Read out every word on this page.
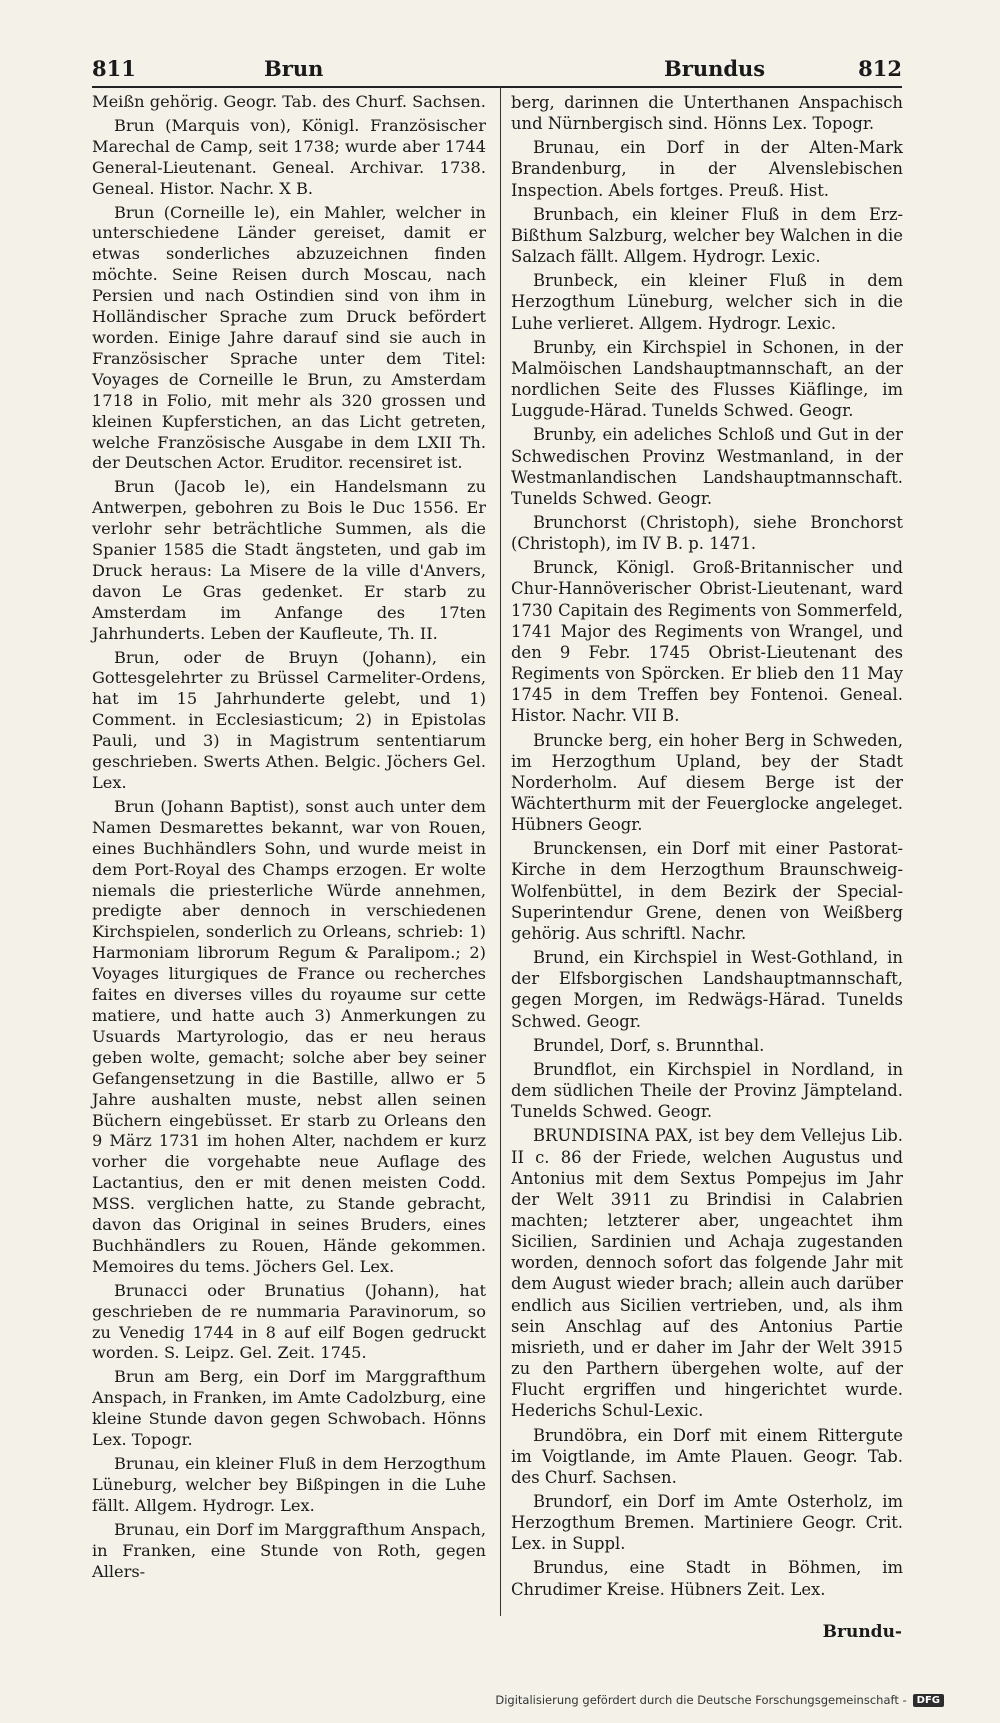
811	Brun	Brundus	812

Meißn gehörig. Geogr. Tab. des Churf. Sachsen.

Brun (Marquis von), Königl. Französischer Marechal de Camp, seit 1738; wurde aber 1744 General-Lieutenant. Geneal. Archivar. 1738. Geneal. Histor. Nachr. X B.

Brun (Corneille le), ein Mahler, welcher in unterschiedene Länder gereiset, damit er etwas sonderliches abzuzeichnen finden möchte. Seine Reisen durch Moscau, nach Persien und nach Ostindien sind von ihm in Holländischer Sprache zum Druck befördert worden. Einige Jahre darauf sind sie auch in Französischer Sprache unter dem Titel: Voyages de Corneille le Brun, zu Amsterdam 1718 in Folio, mit mehr als 320 grossen und kleinen Kupferstichen, an das Licht getreten, welche Französische Ausgabe in dem LXII Th. der Deutschen Actor. Eruditor. recensiret ist.

Brun (Jacob le), ein Handelsmann zu Antwerpen, gebohren zu Bois le Duc 1556. Er verlohr sehr beträchtliche Summen, als die Spanier 1585 die Stadt ängsteten, und gab im Druck heraus: La Misere de la ville d'Anvers, davon Le Gras gedenket. Er starb zu Amsterdam im Anfange des 17ten Jahrhunderts. Leben der Kaufleute, Th. II.

Brun, oder de Bruyn (Johann), ein Gottesgelehrter zu Brüssel Carmeliter-Ordens, hat im 15 Jahrhunderte gelebt, und 1) Comment. in Ecclesiasticum; 2) in Epistolas Pauli, und 3) in Magistrum sententiarum geschrieben. Swerts Athen. Belgic. Jöchers Gel. Lex.

Brun (Johann Baptist), sonst auch unter dem Namen Desmarettes bekannt, war von Rouen, eines Buchhändlers Sohn, und wurde meist in dem Port-Royal des Champs erzogen. Er wolte niemals die priesterliche Würde annehmen, predigte aber dennoch in verschiedenen Kirchspielen, sonderlich zu Orleans, schrieb: 1) Harmoniam librorum Regum & Paralipom.; 2) Voyages liturgiques de France ou recherches faites en diverses villes du royaume sur cette matiere, und hatte auch 3) Anmerkungen zu Usuards Martyrologio, das er neu heraus geben wolte, gemacht; solche aber bey seiner Gefangensetzung in die Bastille, allwo er 5 Jahre aushalten muste, nebst allen seinen Büchern eingebüsset. Er starb zu Orleans den 9 März 1731 im hohen Alter, nachdem er kurz vorher die vorgehabte neue Auflage des Lactantius, den er mit denen meisten Codd. MSS. verglichen hatte, zu Stande gebracht, davon das Original in seines Bruders, eines Buchhändlers zu Rouen, Hände gekommen. Memoires du tems. Jöchers Gel. Lex.

Brunacci oder Brunatius (Johann), hat geschrieben de re nummaria Paravinorum, so zu Venedig 1744 in 8 auf eilf Bogen gedruckt worden. S. Leipz. Gel. Zeit. 1745.

Brun am Berg, ein Dorf im Marggrafthum Anspach, in Franken, im Amte Cadolzburg, eine kleine Stunde davon gegen Schwobach. Hönns Lex. Topogr.

Brunau, ein kleiner Fluß in dem Herzogthum Lüneburg, welcher bey Bißpingen in die Luhe fällt. Allgem. Hydrogr. Lex.

Brunau, ein Dorf im Marggrafthum Anspach, in Franken, eine Stunde von Roth, gegen Allers-

berg, darinnen die Unterthanen Anspachisch und Nürnbergisch sind. Hönns Lex. Topogr.

Brunau, ein Dorf in der Alten-Mark Brandenburg, in der Alvenslebischen Inspection. Abels fortges. Preuß. Hist.

Brunbach, ein kleiner Fluß in dem Erz-Bißthum Salzburg, welcher bey Walchen in die Salzach fällt. Allgem. Hydrogr. Lexic.

Brunbeck, ein kleiner Fluß in dem Herzogthum Lüneburg, welcher sich in die Luhe verlieret. Allgem. Hydrogr. Lexic.

Brunby, ein Kirchspiel in Schonen, in der Malmöischen Landshauptmannschaft, an der nordlichen Seite des Flusses Kiäflinge, im Luggude-Härad. Tunelds Schwed. Geogr.

Brunby, ein adeliches Schloß und Gut in der Schwedischen Provinz Westmanland, in der Westmanlandischen Landshauptmannschaft. Tunelds Schwed. Geogr.

Brunchorst (Christoph), siehe Bronchorst (Christoph), im IV B. p. 1471.

Brunck, Königl. Groß-Britannischer und Chur-Hannöverischer Obrist-Lieutenant, ward 1730 Capitain des Regiments von Sommerfeld, 1741 Major des Regiments von Wrangel, und den 9 Febr. 1745 Obrist-Lieutenant des Regiments von Spörcken. Er blieb den 11 May 1745 in dem Treffen bey Fontenoi. Geneal. Histor. Nachr. VII B.

Bruncke berg, ein hoher Berg in Schweden, im Herzogthum Upland, bey der Stadt Norderholm. Auf diesem Berge ist der Wächterthurm mit der Feuerglocke angeleget. Hübners Geogr.

Brunckensen, ein Dorf mit einer Pastorat-Kirche in dem Herzogthum Braunschweig-Wolfenbüttel, in dem Bezirk der Special-Superintendur Grene, denen von Weißberg gehörig. Aus schriftl. Nachr.

Brund, ein Kirchspiel in West-Gothland, in der Elfsborgischen Landshauptmannschaft, gegen Morgen, im Redwägs-Härad. Tunelds Schwed. Geogr.

Brundel, Dorf, s. Brunnthal.

Brundflot, ein Kirchspiel in Nordland, in dem südlichen Theile der Provinz Jämpteland. Tunelds Schwed. Geogr.

BRUNDISINA PAX, ist bey dem Vellejus Lib. II c. 86 der Friede, welchen Augustus und Antonius mit dem Sextus Pompejus im Jahr der Welt 3911 zu Brindisi in Calabrien machten; letzterer aber, ungeachtet ihm Sicilien, Sardinien und Achaja zugestanden worden, dennoch sofort das folgende Jahr mit dem August wieder brach; allein auch darüber endlich aus Sicilien vertrieben, und, als ihm sein Anschlag auf des Antonius Partie misrieth, und er daher im Jahr der Welt 3915 zu den Parthern übergehen wolte, auf der Flucht ergriffen und hingerichtet wurde. Hederichs Schul-Lexic.

Brundöbra, ein Dorf mit einem Rittergute im Voigtlande, im Amte Plauen. Geogr. Tab. des Churf. Sachsen.

Brundorf, ein Dorf im Amte Osterholz, im Herzogthum Bremen. Martiniere Geogr. Crit. Lex. in Suppl.

Brundus, eine Stadt in Böhmen, im Chrudimer Kreise. Hübners Zeit. Lex.

Brundu-
Digitalisierung gefördert durch die Deutsche Forschungsgemeinschaft -	DFG
